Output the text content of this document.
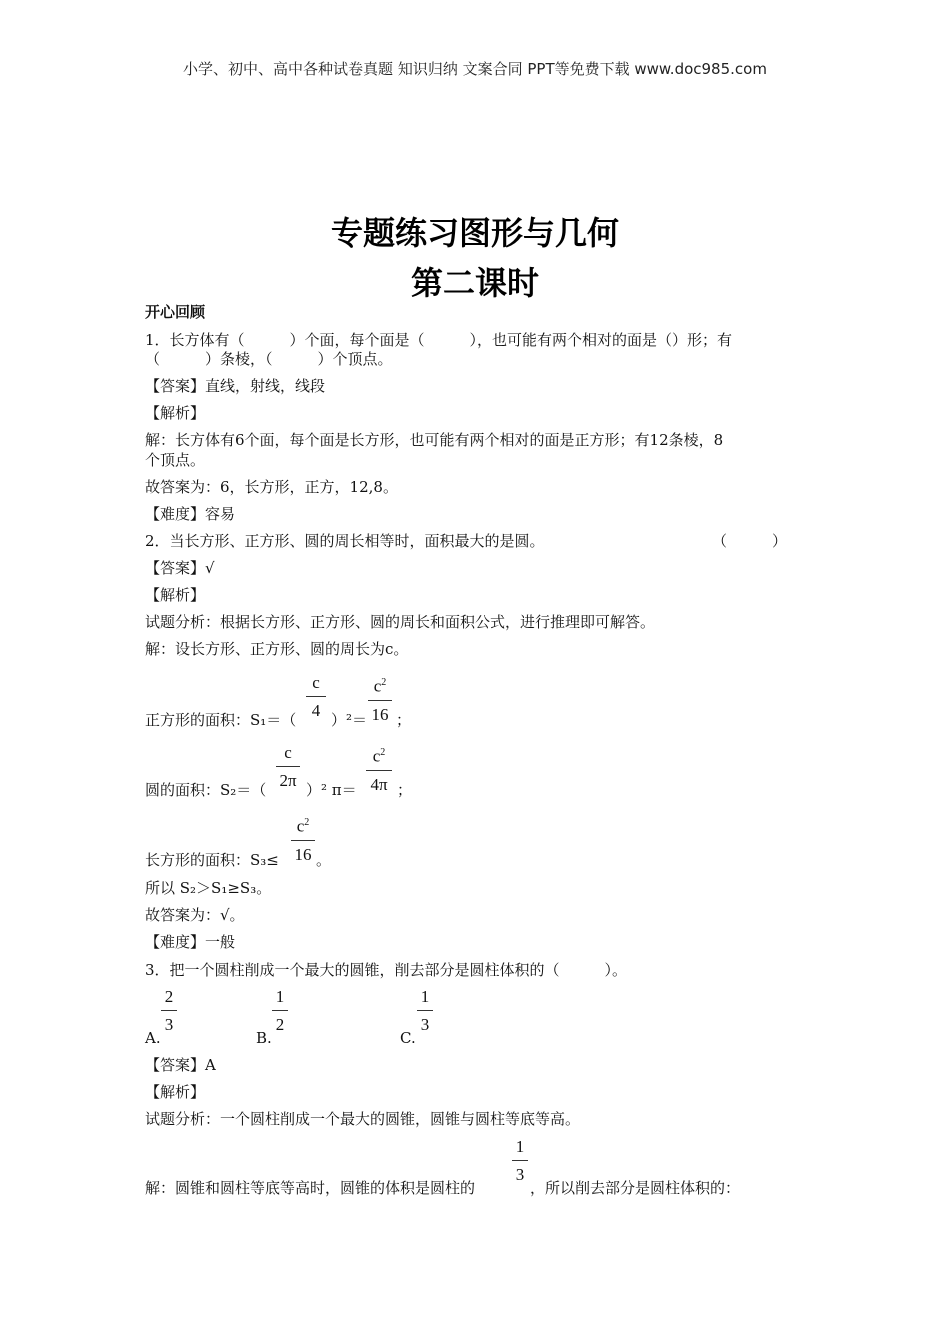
小学、初中、高中各种试卷真题 知识归纳 文案合同 PPT等免费下载 www.doc985.com
专题练习图形与几何
第二课时
开心回顾
1．长方体有（　　　）个面，每个面是（　　　），也可能有两个相对的面是（）形；有
（　　　）条棱，（　　　）个顶点。
【答案】直线，射线，线段
【解析】
解：长方体有6个面，每个面是长方形，也可能有两个相对的面是正方形；有12条棱，8
个顶点。
故答案为：6，长方形，正方，12,8。
【难度】容易
2．当长方形、正方形、圆的周长相等时，面积最大的是圆。	（　　　）
【答案】√
【解析】
试题分析：根据长方形、正方形、圆的周长和面积公式，进行推理即可解答。
解：设长方形、正方形、圆的周长为c。
正方形的面积：S₁＝（
c
4 ）²＝
$c^2$
16 ；
圆的面积：S₂＝（
c
2π ）² π＝
$c^2$
4π ；
长方形的面积：S₃≤
$c^2$
16 。
所以 S₂＞S₁≥S₃。
故答案为：√。
【难度】一般
3．把一个圆柱削成一个最大的圆锥，削去部分是圆柱体积的（　　　）。
A.
2
3
B.
1
2
C.
1
3
【答案】A
【解析】
试题分析：一个圆柱削成一个最大的圆锥，圆锥与圆柱等底等高。
解：圆锥和圆柱等底等高时，圆锥的体积是圆柱的
1
3
，所以削去部分是圆柱体积的：
